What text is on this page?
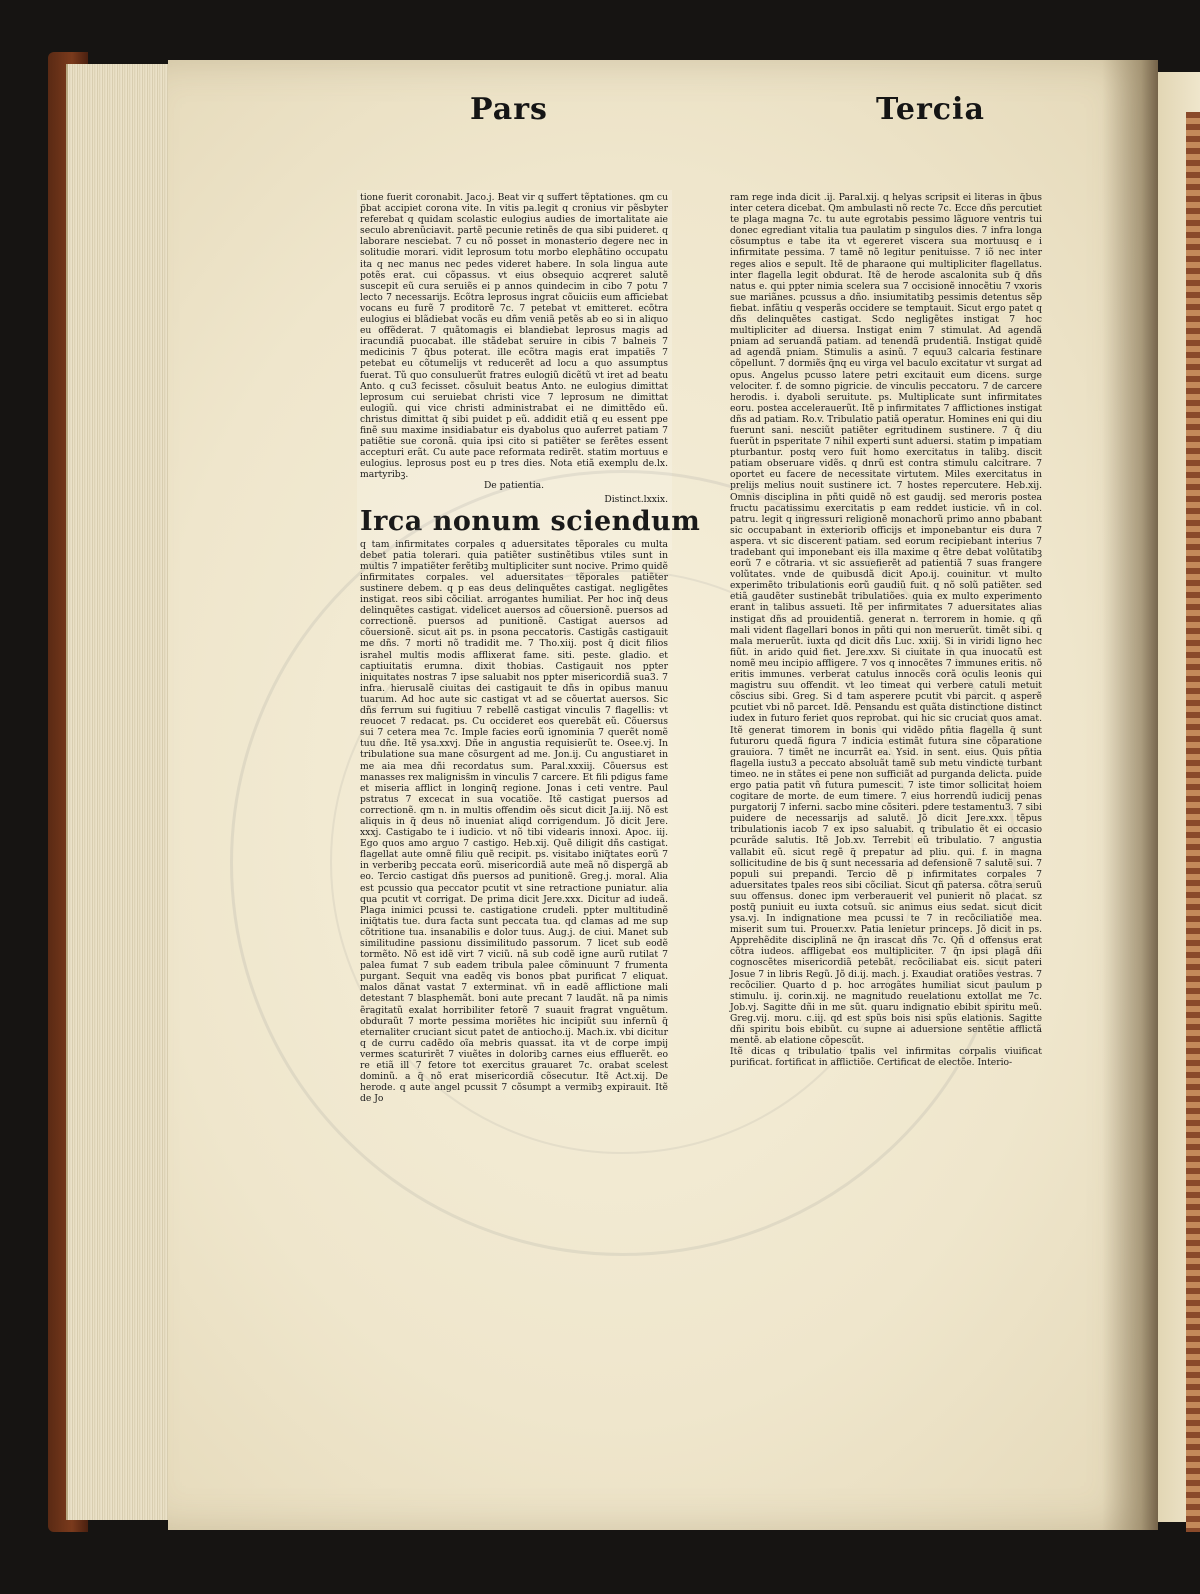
Pars	Tercia

tione fuerit coronabit. Jaco.j. Beat vir q suffert tẽptationes. qm cu p̃bat accipiet corona vite. In vitis pa.legit q cronius vir pẽsbyter referebat q quidam scolastic eulogius audies de imortalitate aie seculo abrenũciavit. partẽ pecunie retinẽs de qua sibi puideret. q laborare nesciebat. 7 cu nõ posset in monasterio degere nec in solitudie morari. vidit leprosum totu morbo elephãtino occupatu ita q nec manus nec pedes videret habere. In sola lingua aute potẽs erat. cui cõpassus. vt eius obsequio acqreret salutẽ suscepit eũ cura seruiẽs ei p annos quindecim in cibo 7 potu 7 lecto 7 necessarijs. Ecõtra leprosus ingrat cõuiciis eum afficiebat vocans eu furẽ 7 proditorẽ 7c. 7 petebat vt emitteret. ecõtra eulogius ei blãdiebat vocãs eu dñm veniã petẽs ab eo si in aliquo eu offẽderat. 7 quãtomagis ei blandiebat leprosus magis ad iracundiã puocabat. ille stãdebat seruire in cibis 7 balneis 7 medicinis 7 q̃bus poterat. ille ecõtra magis erat impatiẽs 7 petebat eu cõtumelijs vt reducerẽt ad locu a quo assumptus fuerat. Tũ quo consuluerũt fratres eulogiũ dicẽtũ vt iret ad beatu Anto. q cu3 fecisset. cõsuluit beatus Anto. ne eulogius dimittat leprosum cui seruiebat christi vice 7 leprosum ne dimittat eulogiũ. qui vice christi administrabat ei ne dimittẽdo eũ. christus dimittat q̃ sibi puidet p eũ. addidit etiã q eu essent ppe finẽ suu maxime insidiabatur eis dyabolus quo auferret patiam 7 patiẽtie sue coronã. quia ipsi cito si patiẽter se ferẽtes essent accepturi erãt. Cu aute pace reformata redirẽt. statim mortuus e eulogius. leprosus post eu p tres dies. Nota etiã exemplu de.lx. martyribꝫ.

De patientia.

Distinct.lxxix.

Irca nonum sciendum

q tam infirmitates corpales q aduersitates tẽporales cu multa debet patia tolerari. quia patiẽter sustinẽtibus vtiles sunt in multis 7 impatiẽter ferẽtibꝫ multipliciter sunt nocive. Primo quidẽ infirmitates corpales. vel aduersitates tẽporales patiẽter sustinere debem. q p eas deus delinquẽtes castigat. negligẽtes instigat. reos sibi cõciliat. arrogantes humiliat. Per hoc inq̃ deus delinquẽtes castigat. videlicet auersos ad cõuersionẽ. puersos ad correctionẽ. puersos ad punitionẽ. Castigat auersos ad cõuersionẽ. sicut ait ps. in psona peccatoris. Castigãs castigauit me dñs. 7 morti nõ tradidit me. 7 Tho.xiij. post q̃ dicit filios israhel multis modis afflixerat fame. siti. peste. gladio. et captiuitatis erumna. dixit thobias. Castigauit nos ppter iniquitates nostras 7 ipse saluabit nos ppter misericordiã sua3. 7 infra. hierusalẽ ciuitas dei castigauit te dñs in opibus manuu tuarum. Ad hoc aute sic castigat vt ad se cõuertat auersos. Sic dñs ferrum sui fugitiuu 7 rebellẽ castigat vinculis 7 flagellis: vt reuocet 7 redacat. ps. Cu occideret eos querebãt eũ. Cõuersus sui 7 cetera mea 7c. Imple facies eorũ ignominia 7 querẽt nomẽ tuu dñe. Itẽ ysa.xxvj. Dñe in angustia requisierũt te. Osee.vj. In tribulatione sua mane cõsurgent ad me. Jon.ij. Cu angustiaret in me aia mea dñi recordatus sum. Paral.xxxiij. Cõuersus est manasses rex maligniss̃m in vinculis 7 carcere. Et fili pdigus fame et miseria afflict in longinq̃ regione. Jonas i ceti ventre. Paul pstratus 7 excecat in sua vocatiõe. Itẽ castigat puersos ad correctionẽ. qm n. in multis offendim oẽs sicut dicit Ja.iij. Nõ est aliquis in q̃ deus nõ inueniat aliqd corrigendum. Jõ dicit Jere. xxxj. Castigabo te i iudicio. vt nõ tibi videaris innoxi. Apoc. iij. Ego quos amo arguo 7 castigo. Heb.xij. Quẽ diligit dñs castigat. flagellat aute omnẽ filiu quẽ recipit. ps. visitabo iniq̃tates eorũ 7 in verberibꝫ peccata eorũ. misericordiã aute meã nõ dispergã ab eo. Tercio castigat dñs puersos ad punitionẽ. Greg.j. moral. Alia est pcussio qua peccator pcutit vt sine retractione puniatur. alia qua pcutit vt corrigat. De prima dicit Jere.xxx. Dicitur ad iudeã. Plaga inimici pcussi te. castigatione crudeli. ppter multitudinẽ iniq̃tatis tue. dura facta sunt peccata tua. qd clamas ad me sup cõtritione tua. insanabilis e dolor tuus. Aug.j. de ciui. Manet sub similitudine passionu dissimilitudo passorum. 7 licet sub eodẽ tormẽto. Nõ est idẽ virt 7 viciũ. nã sub codẽ igne aurũ rutilat 7 palea fumat 7 sub eadem tribula palee cõminuunt 7 frumenta purgant. Sequit vna eadẽq vis bonos pbat purificat 7 eliquat. malos dãnat vastat 7 exterminat. vñ in eadẽ afflictione mali detestant 7 blasphemãt. boni aute precant 7 laudãt. nã pa nimis ẽragitatũ exalat horribiliter fetorẽ 7 suauit fragrat vnguẽtum. obduraũt 7 morte pessima moriẽtes hic incipiũt suu infernũ q̃ eternaliter cruciant sicut patet de antiocho.ij. Mach.ix. vbi dicitur q de curru cadẽdo oĩa mebris quassat. ita vt de corpe impij vermes scaturirẽt 7 viuẽtes in doloribꝫ carnes eius effluerẽt. eo re etiã ill 7 fetore tot exercitus grauaret 7c. orabat scelest dominũ. a q̃ nõ erat misericordiã cõsecutur. Itẽ Act.xij. De herode. q aute angel pcussit 7 cõsumpt a vermibꝫ expirauit. Itẽ de Jo

ram rege inda dicit .ij. Paral.xij. q helyas scripsit ei literas in q̃bus inter cetera dicebat. Qm ambulasti nõ recte 7c. Ecce dñs percutiet te plaga magna 7c. tu aute egrotabis pessimo lãguore ventris tui donec egrediant vitalia tua paulatim p singulos dies. 7 infra longa cõsumptus e tabe ita vt egereret viscera sua mortuusq e i infirmitate pessima. 7 tamẽ nõ legitur penituisse. 7 iõ nec inter reges alios e sepult. Itẽ de pharaone qui multipliciter flagellatus. inter flagella legit obdurat. Itẽ de herode ascalonita sub q̃ dñs natus e. qui ppter nimia scelera sua 7 occisionẽ innocẽtiu 7 vxoris sue mariãnes. pcussus a dño. insiumitatibꝫ pessimis detentus sẽp fiebat. infãtiu q vesperãs occidere se temptauit. Sicut ergo patet q dñs delinquẽtes castigat. Scdo negligẽtes instigat 7 hoc multipliciter ad diuersa. Instigat enim 7 stimulat. Ad agendã pniam ad seruandã patiam. ad tenendã prudentiã. Instigat quidẽ ad agendã pniam. Stimulis a asinũ. 7 equu3 calcaria festinare cõpellunt. 7 dormiẽs q̃nq eu virga vel baculo excitatur vt surgat ad opus. Angelus pcusso latere petri excitauit eum dicens. surge velociter. f. de somno pigricie. de vinculis peccatoru. 7 de carcere herodis. i. dyaboli seruitute. ps. Multiplicate sunt infirmitates eoru. postea accelerauerũt. Itẽ p infirmitates 7 afflictiones instigat dñs ad patiam. Ro.v. Tribulatio patiã operatur. Homines eni qui diu fuerunt sani. nesciũt patiẽter egritudinem sustinere. 7 q̃ diu fuerũt in psperitate 7 nihil experti sunt aduersi. statim p impatiam pturbantur. postq vero fuit homo exercitatus in talibꝫ. discit patiam obseruare vidẽs. q dnrũ est contra stimulu calcitrare. 7 oportet eu facere de necessitate virtutem. Miles exercitatus in prelijs melius nouit sustinere ict. 7 hostes repercutere. Heb.xij. Omnis disciplina in pñti quidẽ nõ est gaudij. sed meroris postea fructu pacatissimu exercitatis p eam reddet iusticie. vñ in col. patru. legit q ingressuri religionẽ monachorũ primo anno pbabant sic occupabant in exteriorib officijs et imponebantur eis dura 7 aspera. vt sic discerent patiam. sed eorum recipiebant interius 7 tradebant qui imponebant eis illa maxime q ẽtre debat volũtatibꝫ eorũ 7 e cõtraria. vt sic assuefierẽt ad patientiã 7 suas frangere volũtates. vnde de quibusdã dicit Apo.ij. couinitur. vt multo experimẽto tribulationis eorũ gaudiũ fuit. q nõ solũ patiẽter. sed etiã gaudẽter sustinebãt tribulatiões. quia ex multo experimento erant in talibus assueti. Itẽ per infirmitates 7 aduersitates alias instigat dñs ad prouidentiã. generat n. terrorem in homie. q qñ mali vident flagellari bonos in pñti qui non meruerũt. timẽt sibi. q mala meruerũt. iuxta qd dicit dñs Luc. xxiij. Si in viridi ligno hec fiũt. in arido quid fiet. Jere.xxv. Si ciuitate in qua inuocatũ est nomẽ meu incipio affligere. 7 vos q innocẽtes 7 immunes eritis. nõ eritis immunes. verberat catulus innocẽs corã oculis leonis qui magistru suu offendit. vt leo timeat qui verbere catuli metuit cõscius sibi. Greg. Si d tam asperere pcutit vbi parcit. q asperẽ pcutiet vbi nõ parcet. Idẽ. Pensandu est quãta distinctione distinct iudex in futuro feriet quos reprobat. qui hic sic cruciat quos amat. Itẽ generat timorem in bonis qui vidẽdo pñtia flagella q̃ sunt futuroru quedã figura 7 indicia estimãt futura sine cõparatione grauiora. 7 timẽt ne incurrãt ea. Ysid. in sent. eius. Quis pñtia flagella iustu3 a peccato absoluãt tamẽ sub metu vindicte turbant timeo. ne in stãtes ei pene non sufficiãt ad purganda delicta. puide ergo patia patit vñ futura pumescit. 7 iste timor sollicitat hoiem cogitare de morte. de eum timere. 7 eius horrendũ iudicij penas purgatorij 7 inferni. sacbo mine cõsiteri. pdere testamentu3. 7 sibi puidere de necessarijs ad salutẽ. Jõ dicit Jere.xxx. tẽpus tribulationis iacob 7 ex ipso saluabit. q tribulatio ẽt ei occasio pcurãde salutis. Itẽ Job.xv. Terrebit eũ tribulatio. 7 angustia vallabit eũ. sicut regẽ q̃ prepatur ad pliu. qui. f. in magna sollicitudine de bis q̃ sunt necessaria ad defensionẽ 7 salutẽ sui. 7 populi sui prepandi. Tercio dẽ p infirmitates corpales 7 aduersitates tpales reos sibi cõciliat. Sicut qñ patersa. cõtra seruũ suu offensus. donec ipm verberauerit vel punierit nõ placat. sz postq̃ puniuit eu iuxta cotsuũ. sic animus eius sedat. sicut dicit ysa.vj. In indignatione mea pcussi te 7 in recõciliatiõe mea. miserit sum tui. Prouer.xv. Patia lenietur princeps. Jõ dicit in ps. Apprehẽdite disciplinã ne q̃n irascat dñs 7c. Qñ d offensus erat cõtra iudeos. affligebat eos multipliciter. 7 q̃n ipsi plagã dñi cognoscẽtes misericordiã petebãt. recõciliabat eis. sicut pateri Josue 7 in libris Regũ. Jõ di.ij. mach. j. Exaudiat oratiões vestras. 7 recõcilier. Quarto d p. hoc arrogãtes humiliat sicut paulum p stimulu. ij. corin.xij. ne magnitudo reuelationu extollat me 7c. Job.vj. Sagitte dñi in me sũt. quaru indignatio ebibit spiritu meũ. Greg.vij. moru. c.iij. qd est spũs bois nisi spũs elationis. Sagitte dñi spiritu bois ebibũt. cu supne ai aduersione sentẽtie afflictã mentẽ. ab elatione cõpescũt.

Itẽ dicas q tribulatio tpalis vel infirmitas corpalis viuificat purificat. fortificat in afflictiõe. Certificat de electõe. Interio-
